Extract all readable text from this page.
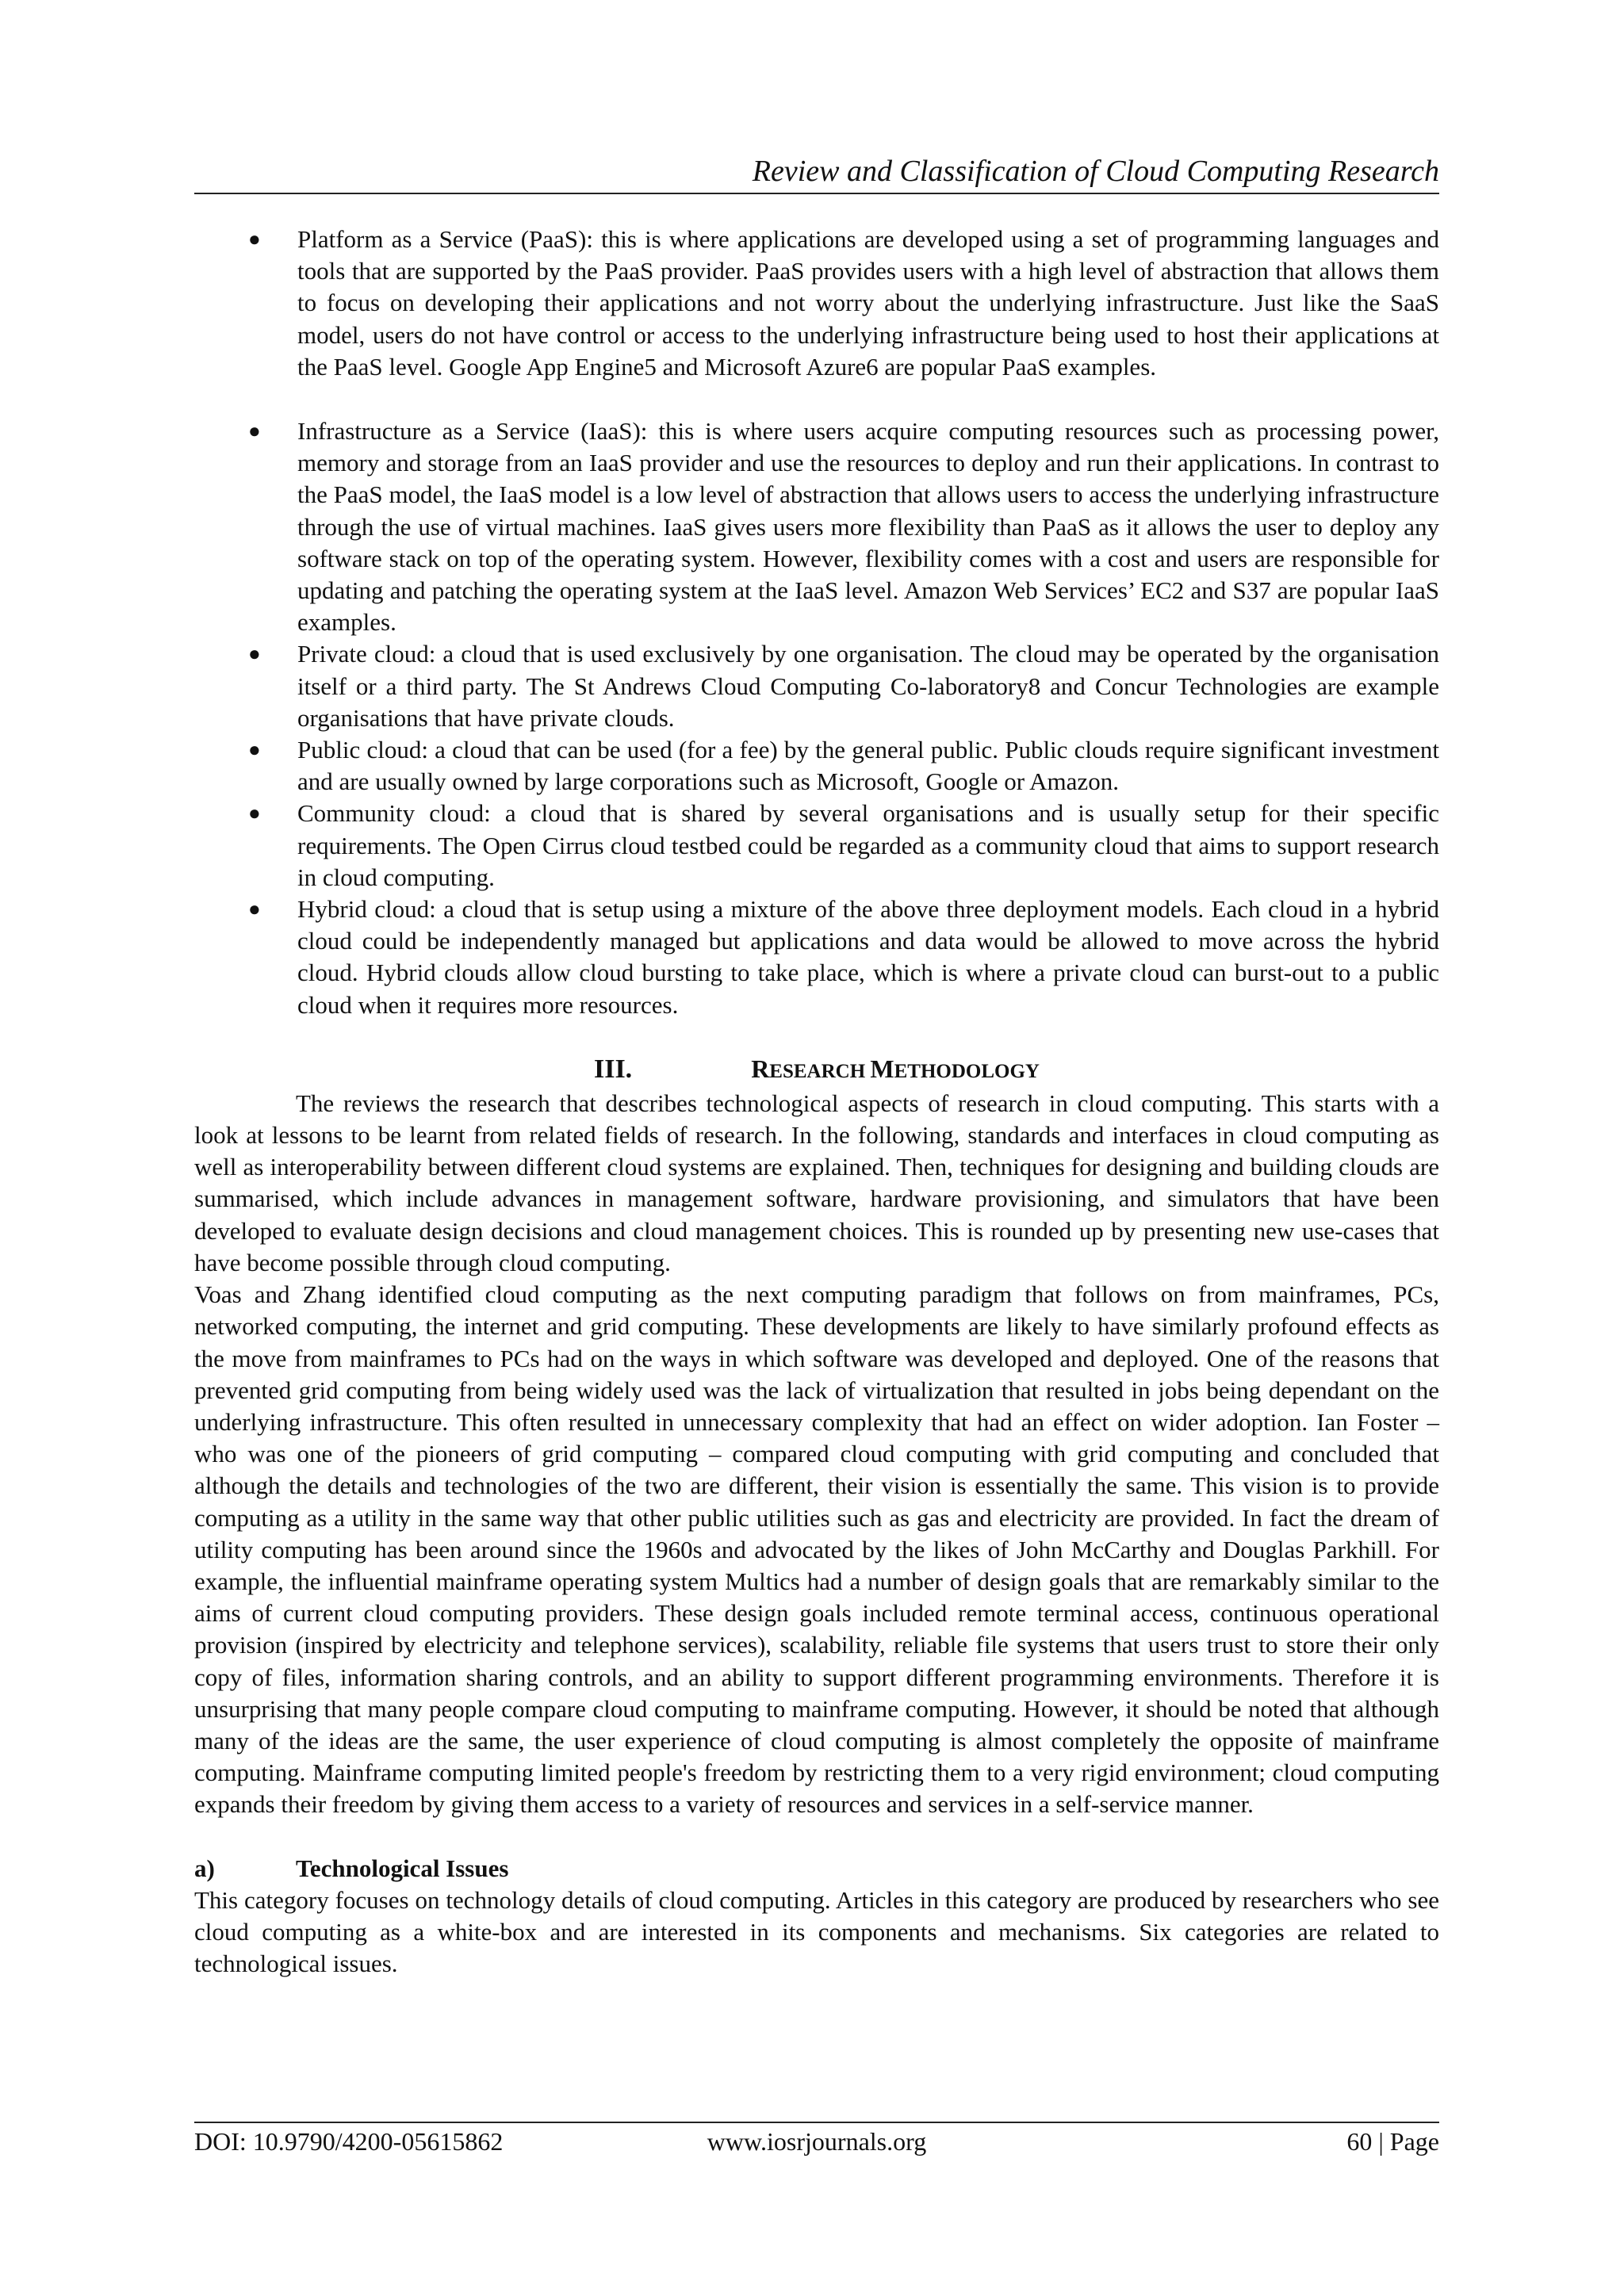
Review and Classification of Cloud Computing Research
● Platform as a Service (PaaS): this is where applications are developed using a set of programming languages and tools that are supported by the PaaS provider. PaaS provides users with a high level of abstraction that allows them to focus on developing their applications and not worry about the underlying infrastructure. Just like the SaaS model, users do not have control or access to the underlying infrastructure being used to host their applications at the PaaS level. Google App Engine5 and Microsoft Azure6 are popular PaaS examples.
● Infrastructure as a Service (IaaS): this is where users acquire computing resources such as processing power, memory and storage from an IaaS provider and use the resources to deploy and run their applications. In contrast to the PaaS model, the IaaS model is a low level of abstraction that allows users to access the underlying infrastructure through the use of virtual machines. IaaS gives users more flexibility than PaaS as it allows the user to deploy any software stack on top of the operating system. However, flexibility comes with a cost and users are responsible for updating and patching the operating system at the IaaS level. Amazon Web Services’ EC2 and S37 are popular IaaS examples.
● Private cloud: a cloud that is used exclusively by one organisation. The cloud may be operated by the organisation itself or a third party. The St Andrews Cloud Computing Co-laboratory8 and Concur Technologies are example organisations that have private clouds.
● Public cloud: a cloud that can be used (for a fee) by the general public. Public clouds require significant investment and are usually owned by large corporations such as Microsoft, Google or Amazon.
● Community cloud: a cloud that is shared by several organisations and is usually setup for their specific requirements. The Open Cirrus cloud testbed could be regarded as a community cloud that aims to support research in cloud computing.
● Hybrid cloud: a cloud that is setup using a mixture of the above three deployment models. Each cloud in a hybrid cloud could be independently managed but applications and data would be allowed to move across the hybrid cloud. Hybrid clouds allow cloud bursting to take place, which is where a private cloud can burst-out to a public cloud when it requires more resources.
III.	RESEARCH METHODOLOGY

The reviews the research that describes technological aspects of research in cloud computing. This starts with a look at lessons to be learnt from related fields of research. In the following, standards and interfaces in cloud computing as well as interoperability between different cloud systems are explained. Then, techniques for designing and building clouds are summarised, which include advances in management software, hardware provisioning, and simulators that have been developed to evaluate design decisions and cloud management choices. This is rounded up by presenting new use-cases that have become possible through cloud computing.

Voas and Zhang identified cloud computing as the next computing paradigm that follows on from mainframes, PCs, networked computing, the internet and grid computing. These developments are likely to have similarly profound effects as the move from mainframes to PCs had on the ways in which software was developed and deployed. One of the reasons that prevented grid computing from being widely used was the lack of virtualization that resulted in jobs being dependant on the underlying infrastructure. This often resulted in unnecessary complexity that had an effect on wider adoption. Ian Foster – who was one of the pioneers of grid computing – compared cloud computing with grid computing and concluded that although the details and technologies of the two are different, their vision is essentially the same. This vision is to provide computing as a utility in the same way that other public utilities such as gas and electricity are provided. In fact the dream of utility computing has been around since the 1960s and advocated by the likes of John McCarthy and Douglas Parkhill. For example, the influential mainframe operating system Multics had a number of design goals that are remarkably similar to the aims of current cloud computing providers. These design goals included remote terminal access, continuous operational provision (inspired by electricity and telephone services), scalability, reliable file systems that users trust to store their only copy of files, information sharing controls, and an ability to support different programming environments. Therefore it is unsurprising that many people compare cloud computing to mainframe computing. However, it should be noted that although many of the ideas are the same, the user experience of cloud computing is almost completely the opposite of mainframe computing. Mainframe computing limited people's freedom by restricting them to a very rigid environment; cloud computing expands their freedom by giving them access to a variety of resources and services in a self-service manner.

a)	Technological Issues

This category focuses on technology details of cloud computing. Articles in this category are produced by researchers who see cloud computing as a white-box and are interested in its components and mechanisms. Six categories are related to technological issues.

DOI: 10.9790/4200-05615862	www.iosrjournals.org	60 | Page
